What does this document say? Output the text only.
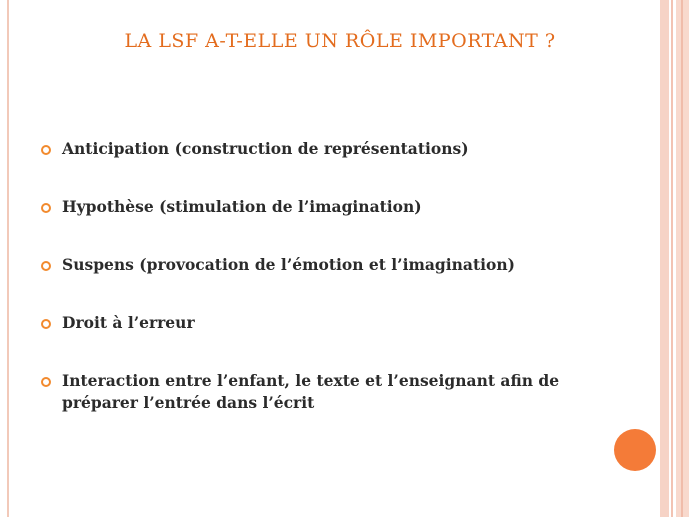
LA LSF A-T-ELLE UN RÔLE IMPORTANT ?
Anticipation (construction de représentations)
Hypothèse (stimulation de l’imagination)
Suspens (provocation de l’émotion et l’imagination)
Droit à l’erreur
Interaction entre l’enfant, le texte et l’enseignant afin de préparer l’entrée dans l’écrit
